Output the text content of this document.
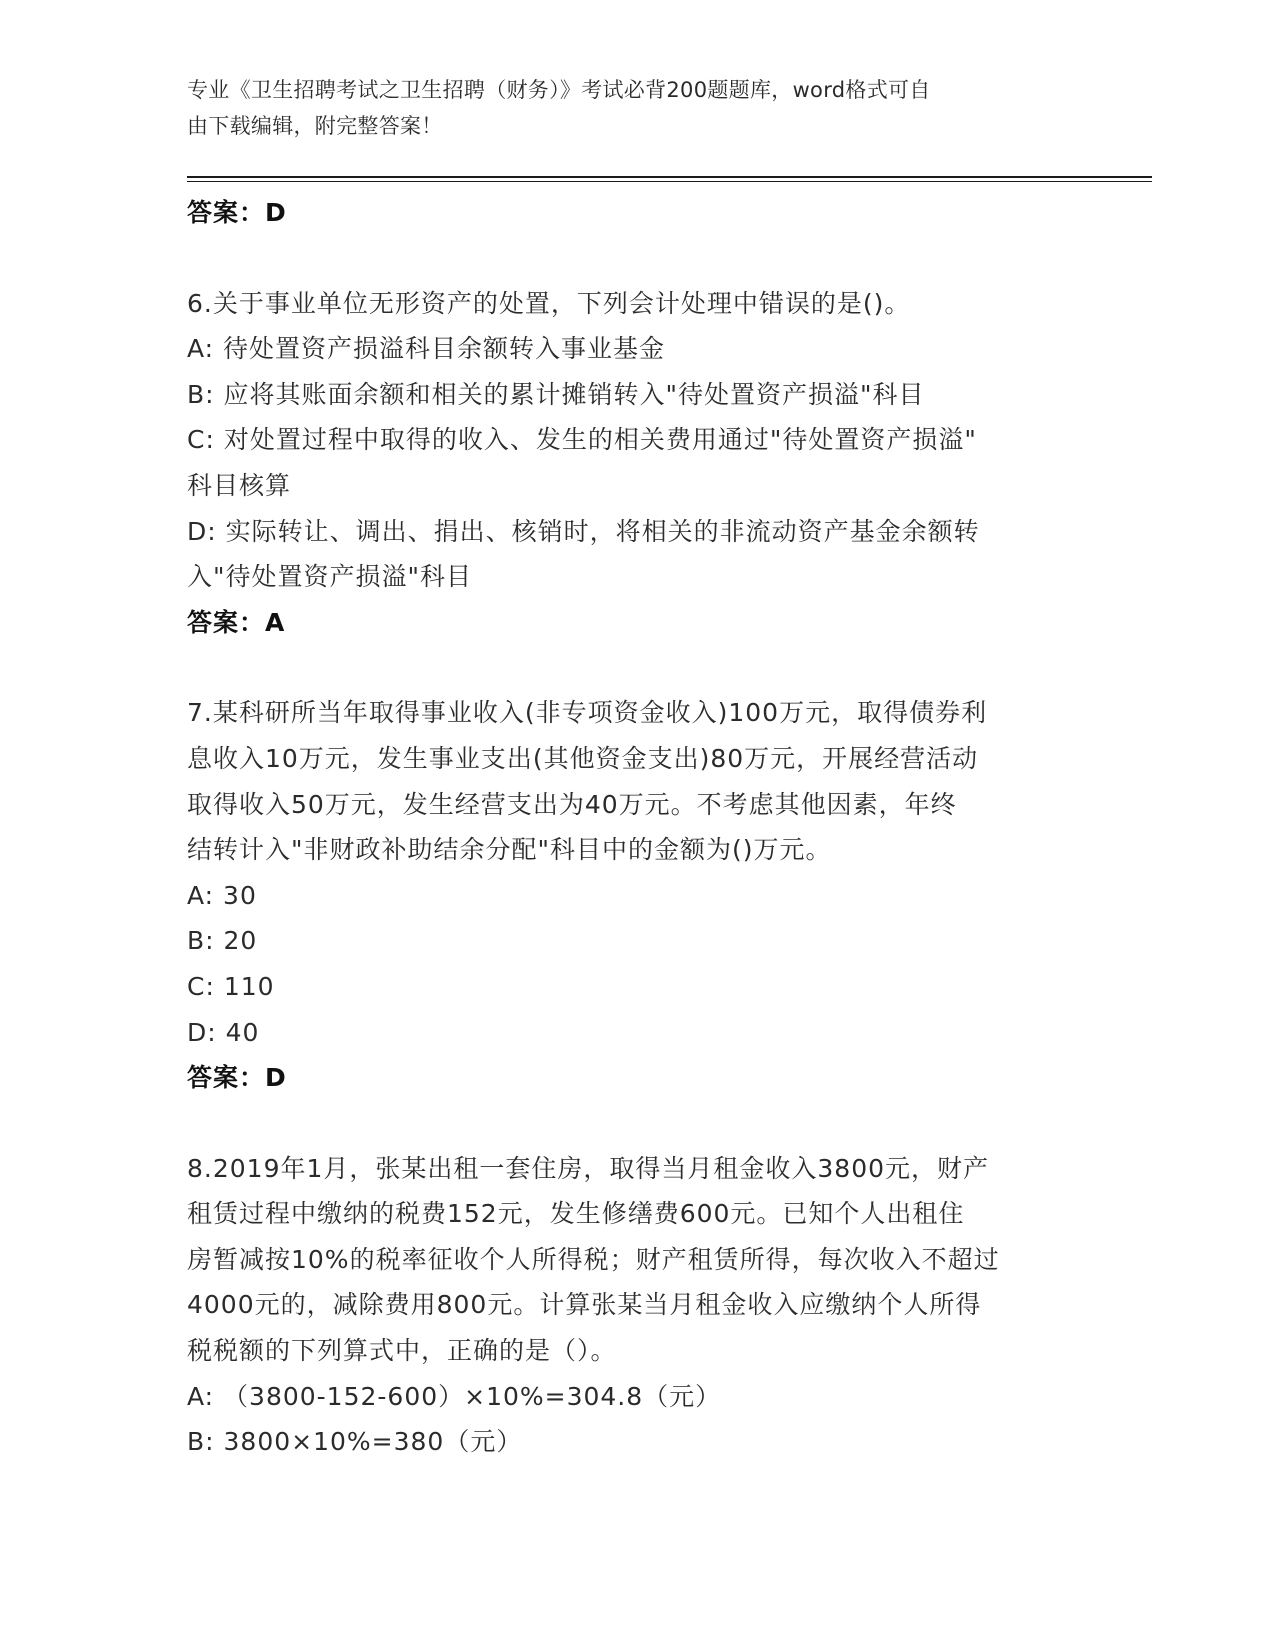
专业《卫生招聘考试之卫生招聘（财务）》考试必背200题题库，word格式可自
由下载编辑，附完整答案！
答案：D
6.关于事业单位无形资产的处置，下列会计处理中错误的是()。
A: 待处置资产损溢科目余额转入事业基金
B: 应将其账面余额和相关的累计摊销转入"待处置资产损溢"科目
C: 对处置过程中取得的收入、发生的相关费用通过"待处置资产损溢"
科目核算
D: 实际转让、调出、捐出、核销时，将相关的非流动资产基金余额转
入"待处置资产损溢"科目
答案：A
7.某科研所当年取得事业收入(非专项资金收入)100万元，取得债券利
息收入10万元，发生事业支出(其他资金支出)80万元，开展经营活动
取得收入50万元，发生经营支出为40万元。不考虑其他因素，年终
结转计入"非财政补助结余分配"科目中的金额为()万元。
A: 30
B: 20
C: 110
D: 40
答案：D
8.2019年1月，张某出租一套住房，取得当月租金收入3800元，财产
租赁过程中缴纳的税费152元，发生修缮费600元。已知个人出租住
房暂减按10%的税率征收个人所得税；财产租赁所得，每次收入不超过
4000元的，减除费用800元。计算张某当月租金收入应缴纳个人所得
税税额的下列算式中，正确的是（）。
A: （3800-152-600）×10%=304.8（元）
B: 3800×10%=380（元）
